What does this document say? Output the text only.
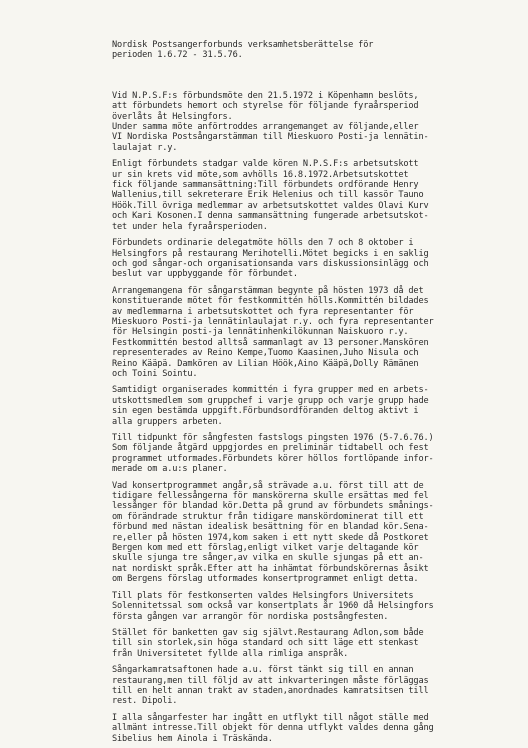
Nordisk Postsangerforbunds verksamhetsberättelse för
perioden 1.6.72 - 31.5.76.
Vid N.P.S.F:s förbundsmöte den 21.5.1972 i Köpenhamn beslöts,
att förbundets hemort och styrelse för följande fyraårsperiod
överlåts åt Helsingfors.
Under samma möte anförtroddes arrangemanget av följande,eller
VI Nordiska Postsångarstämman till Mieskuoro Posti-ja lennätin-
laulajat r.y.
Enligt förbundets stadgar valde kören N.P.S.F:s arbetsutskott
ur sin krets vid möte,som avhölls 16.8.1972.Arbetsutskottet
fick följande sammansättning:Till förbundets ordförande Henry
Wallenius,till sekreterare Erik Helenius och till kassör Tauno
Höök.Till övriga medlemmar av arbetsutskottet valdes Olavi Kurv
och Kari Kosonen.I denna sammansättning fungerade arbetsutskot-
tet under hela fyraårsperioden.
Förbundets ordinarie delegatmöte hölls den 7 och 8 oktober i
Helsingfors på restaurang Merihotelli.Mötet begicks i en saklig
och god sångar-och organisationsanda vars diskussionsinlägg och
beslut var uppbyggande för förbundet.
Arrangemangena för sångarstämman begynte på hösten 1973 då det
konstituerande mötet för festkommittén hölls.Kommittén bildades
av medlemmarna i arbetsutskottet och fyra representanter för
Mieskuoro Posti-ja lennätinlaulajat r.y. och fyra representanter
för Helsingin posti-ja lennätinhenkilökunnan Naiskuoro r.y.
Festkommittén bestod alltså sammanlagt av 13 personer.Manskören
representerades av Reino Kempe,Tuomo Kaasinen,Juho Nisula och
Reino Kääpä. Damkören av Lilian Höök,Aino Kääpä,Dolly Rämänen
och Toini Sointu.
Samtidigt organiserades kommittén i fyra grupper med en arbets-
utskottsmedlem som gruppchef i varje grupp och varje grupp hade
sin egen bestämda uppgift.Förbundsordföranden deltog aktivt i
alla gruppers arbeten.
Till tidpunkt för sångfesten fastslogs pingsten 1976 (5-7.6.76.)
Som följande åtgärd uppgjordes en preliminär tidtabell och fest
programmet utformades.Förbundets körer höllos fortlöpande infor-
merade om a.u:s planer.
Vad konsertprogrammet angår,så strävade a.u. först till att de
tidigare fellessångerna för manskörerna skulle ersättas med fel
lessånger för blandad kör.Detta på grund av förbundets smånings-
om förändrade struktur från tidigare manskördominerat till ett
förbund med nästan idealisk besättning för en blandad kör.Sena-
re,eller på hösten 1974,kom saken i ett nytt skede då Postkoret
Bergen kom med ett förslag,enligt vilket varje deltagande kör
skulle sjunga tre sånger,av vilka en skulle sjungas på ett an-
nat nordiskt språk.Efter att ha inhämtat förbundskörernas åsikt
om Bergens förslag utformades konsertprogrammet enligt detta.
Till plats för festkonserten valdes Helsingfors Universitets
Solennitetssal som också var konsertplats år 1960 då Helsingfors
första gången var arrangör för nordiska postsångfesten.
Stället för banketten gav sig självt.Restaurang Adlon,som både
till sin storlek,sin höga standard och sitt läge ett stenkast
från Universitetet fyllde alla rimliga anspråk.
Sångarkamratsaftonen hade a.u. först tänkt sig till en annan
restaurang,men till följd av att inkvarteringen måste förläggas
till en helt annan trakt av staden,anordnades kamratsitsen till
rest. Dipoli.
I alla sångarfester har ingått en utflykt till något ställe med
allmänt intresse.Till objekt för denna utflykt valdes denna gång
Sibelius hem Ainola i Träskända.
